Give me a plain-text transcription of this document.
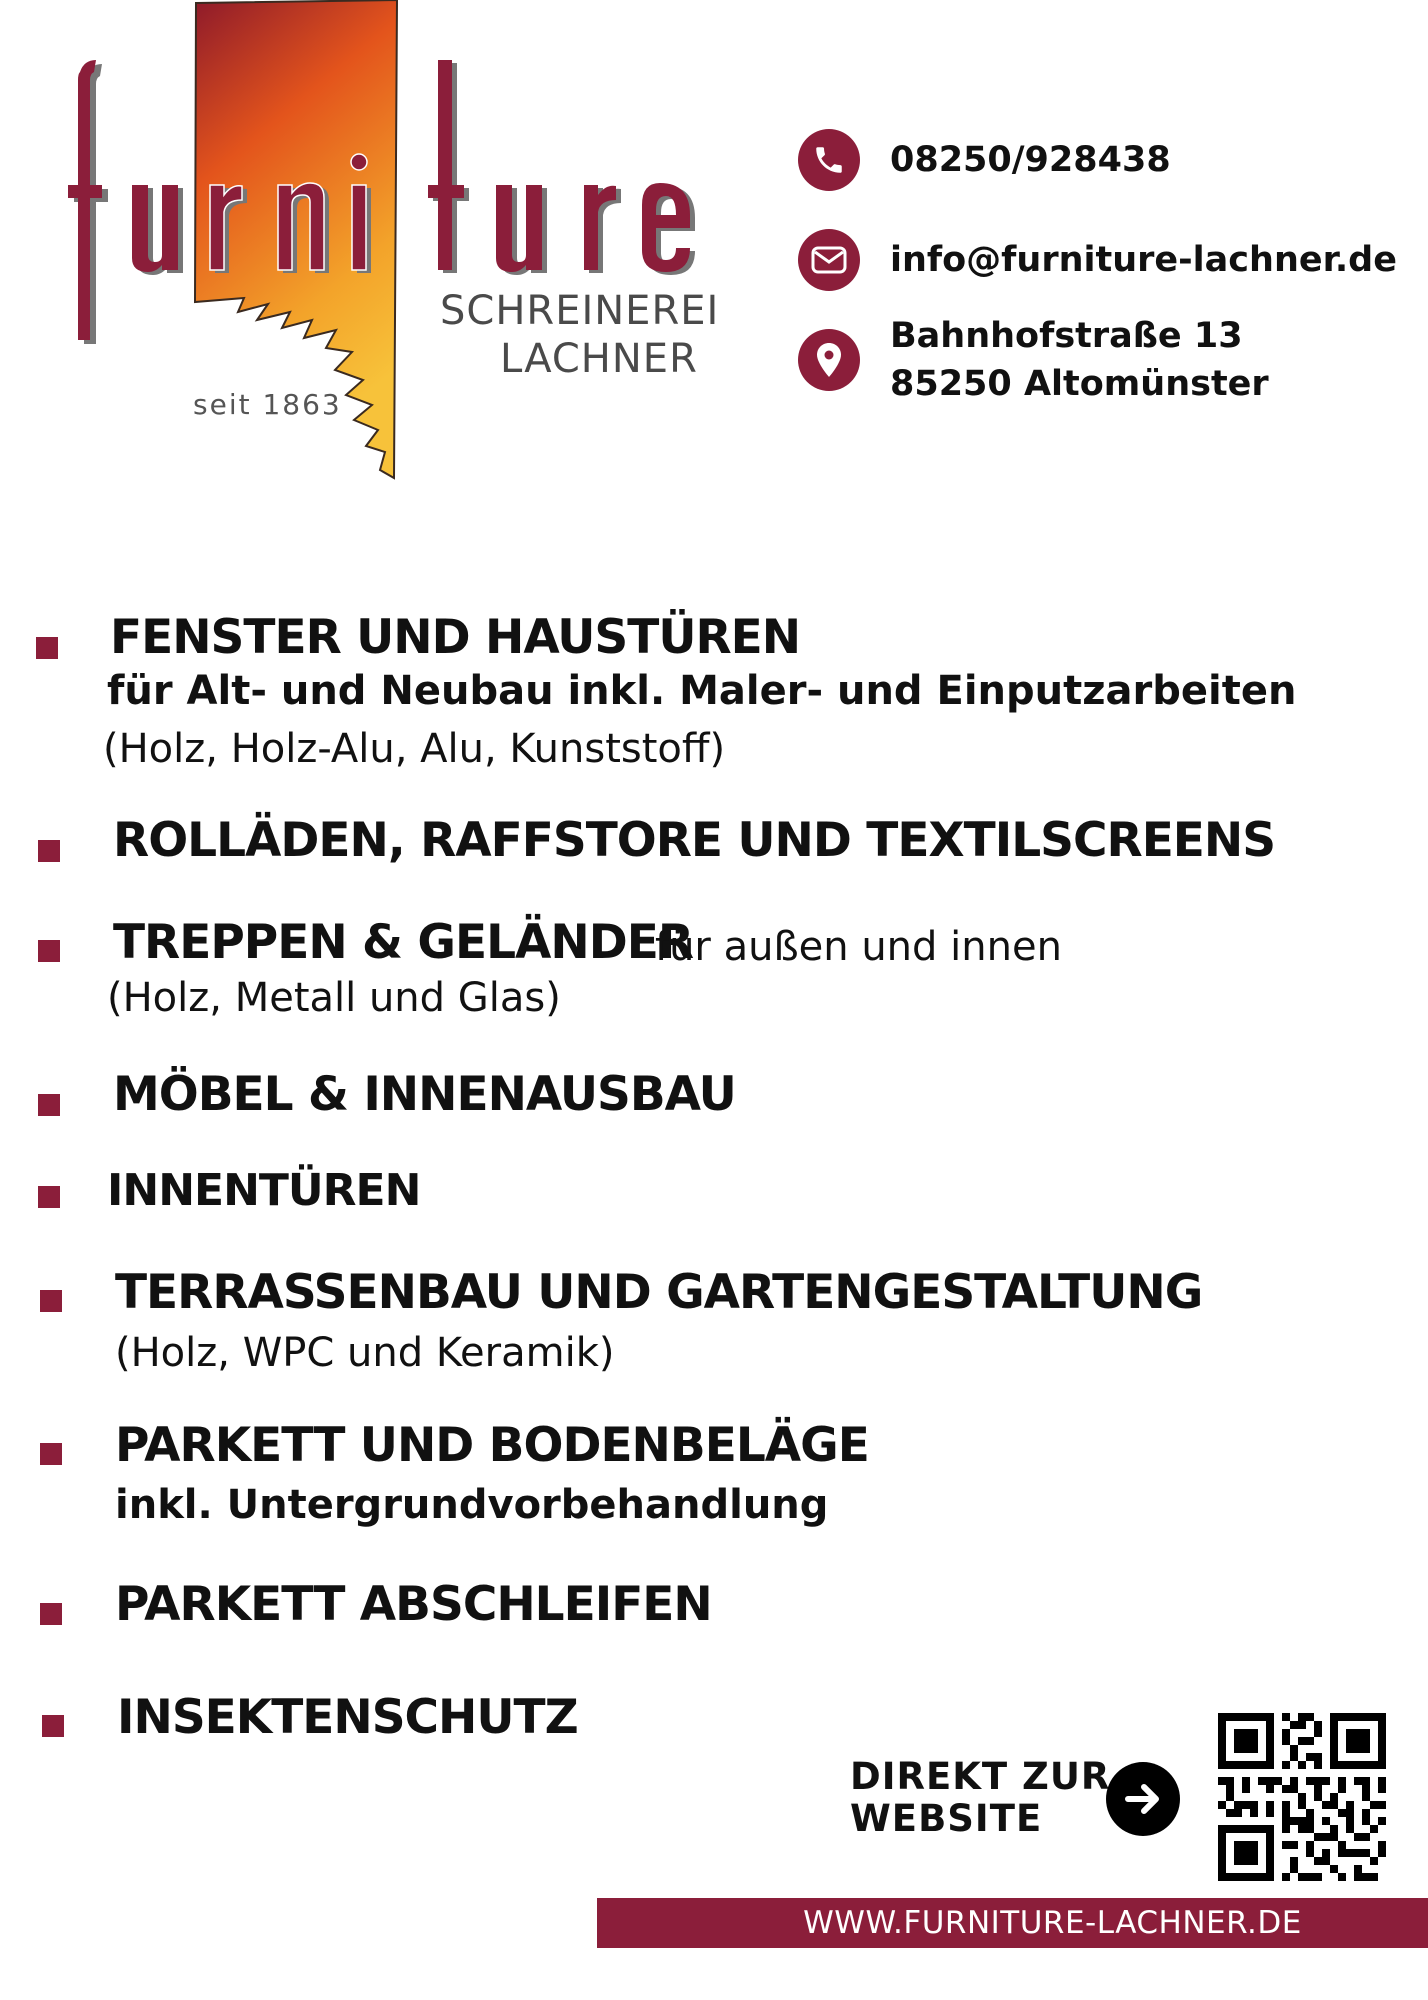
SCHREINEREI
LACHNER
seit 1863
08250/928438
info@furniture-lachner.de
Bahnhofstraße 13
85250 Altomünster
FENSTER UND HAUSTÜREN
für Alt- und Neubau inkl. Maler- und Einputzarbeiten
(Holz, Holz-Alu, Alu, Kunststoff)
ROLLÄDEN, RAFFSTORE UND TEXTILSCREENS
TREPPEN & GELÄNDER
für außen und innen
(Holz, Metall und Glas)
MÖBEL & INNENAUSBAU
INNENTÜREN
TERRASSENBAU UND GARTENGESTALTUNG
(Holz, WPC und Keramik)
PARKETT UND BODENBELÄGE
inkl. Untergrundvorbehandlung
PARKETT ABSCHLEIFEN
INSEKTENSCHUTZ
DIREKT ZUR
WEBSITE
WWW.FURNITURE-LACHNER.DE
